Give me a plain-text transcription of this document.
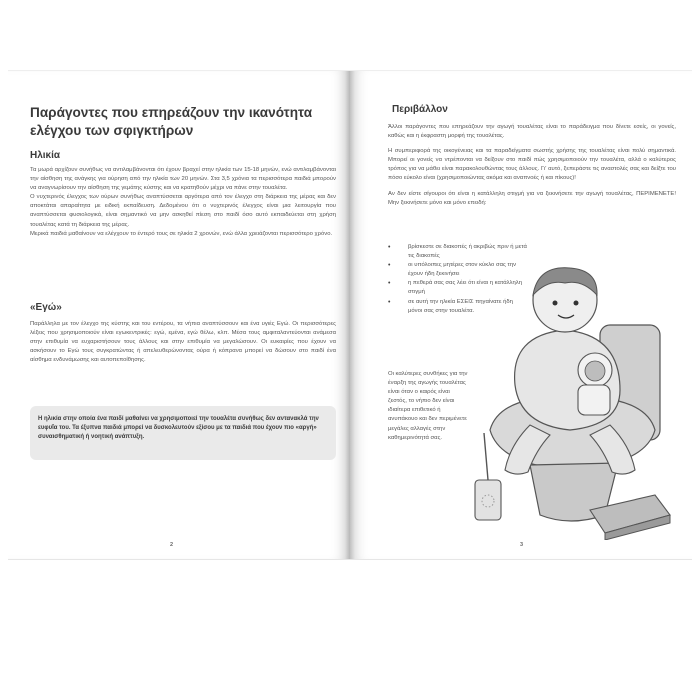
Παράγοντες που επηρεάζουν την ικανότητα ελέγχου των σφιγκτήρων
Ηλικία

Τα μωρά αρχίζουν συνήθως να αντιλαμβάνονται ότι έχουν βραχεί στην ηλικία των 15-18 μηνών, ενώ αντιλαμβάνονται την αίσθηση της ανάγκης για ούρηση από την ηλικία των 20 μηνών. Στα 3,5 χρόνια τα περισσότερα παιδιά μπορούν να αναγνωρίσουν την αίσθηση της γεμάτης κύστης και να κρατηθούν μέχρι να πάνε στην τουαλέτα.

Ο νυχτερινός έλεγχος των ούρων συνήθως αναπτύσσεται αργότερα από τον έλεγχο στη διάρκεια της μέρας και δεν αποκτάται απαραίτητα με ειδική εκπαίδευση. Δεδομένου ότι ο νυχτερινός έλεγχος είναι μια λειτουργία που αναπτύσσεται φυσιολογικά, είναι σημαντικό να μην ασκηθεί πίεση στο παιδί όσο αυτό εκπαιδεύεται στη χρήση τουαλέτας κατά τη διάρκεια της μέρας.

Μερικά παιδιά μαθαίνουν να ελέγχουν το έντερό τους σε ηλικία 2 χρονών, ενώ άλλα χρειάζονται περισσότερο χρόνο.

«Εγώ»

Παράλληλα με τον έλεγχο της κύστης και του εντέρου, τα νήπια αναπτύσσουν και ένα υγιές Εγώ. Οι περισσότερες λέξεις που χρησιμοποιούν είναι εγωκεντρικές: εγώ, εμένα, εγώ θέλω, κλπ. Μέσα τους αμφιταλαντεύονται ανάμεσα στην επιθυμία να ευχαριστήσουν τους άλλους και στην επιθυμία να μεγαλώσουν. Οι ευκαιρίες που έχουν να ασκήσουν το Εγώ τους συγκρατώντας ή απελευθερώνοντας ούρα ή κόπρανα μπορεί να δώσουν στο παιδί ένα αίσθημα ενδυνάμωσης και αυτοπεποίθησης.

Η ηλικία στην οποία ένα παιδί μαθαίνει να χρησιμοποιεί την τουαλέτα συνήθως δεν αντανακλά την ευφυΐα του. Τα έξυπνα παιδιά μπορεί να δυσκολευτούν εξίσου με τα παιδιά που έχουν πιο «αργή» συναισθηματική ή νοητική ανάπτυξη.
2
Περιβάλλον

Άλλοι παράγοντες που επηρεάζουν την αγωγή τουαλέτας είναι το παράδειγμα που δίνετε εσείς, οι γονείς, καθώς και η έκφραστη μορφή της τουαλέτας.

Η συμπεριφορά της οικογένειας και τα παραδείγματα σωστής χρήσης της τουαλέτας είναι πολύ σημαντικά. Μπορεί οι γονείς να ντρέπονται να δείξουν στο παιδί πώς χρησιμοποιούν την τουαλέτα, αλλά ο καλύτερος τρόπος για να μάθει είναι παρακολουθώντας τους άλλους. Γι' αυτό, ξεπεράστε τις αναστολές σας και δείξτε του πόσο εύκολο είναι (χρησιμοποιώντας ακόμα και αναπνοές ή και πίκους)!

Αν δεν είστε σίγουροι ότι είναι η κατάλληλη στιγμή για να ξεκινήσετε την αγωγή τουαλέτας, ΠΕΡΙΜΕΝΕΤΕ! Μην ξεκινήσετε μόνο και μόνο επειδή:

•	βρίσκεστε σε διακοπές ή ακριβώς πριν ή μετά τις διακοπές
•	οι υπόλοιπες μητέρες στον κύκλο σας την έχουν ήδη ξεκινήσει
•	η πεθερά σας σας λέει ότι είναι η κατάλληλη στιγμή
•	σε αυτή την ηλικία ΕΣΕΙΣ πηγαίνατε ήδη μόνοι σας στην τουαλέτα.
Οι καλύτερες συνθήκες για την έναρξη της αγωγής τουαλέτας είναι όταν ο καιρός είναι ζεστός, το νήπιο δεν είναι ιδιαίτερα επιθετικό ή ανυπάκουο και δεν περιμένετε μεγάλες αλλαγές στην καθημερινότητά σας.
3
